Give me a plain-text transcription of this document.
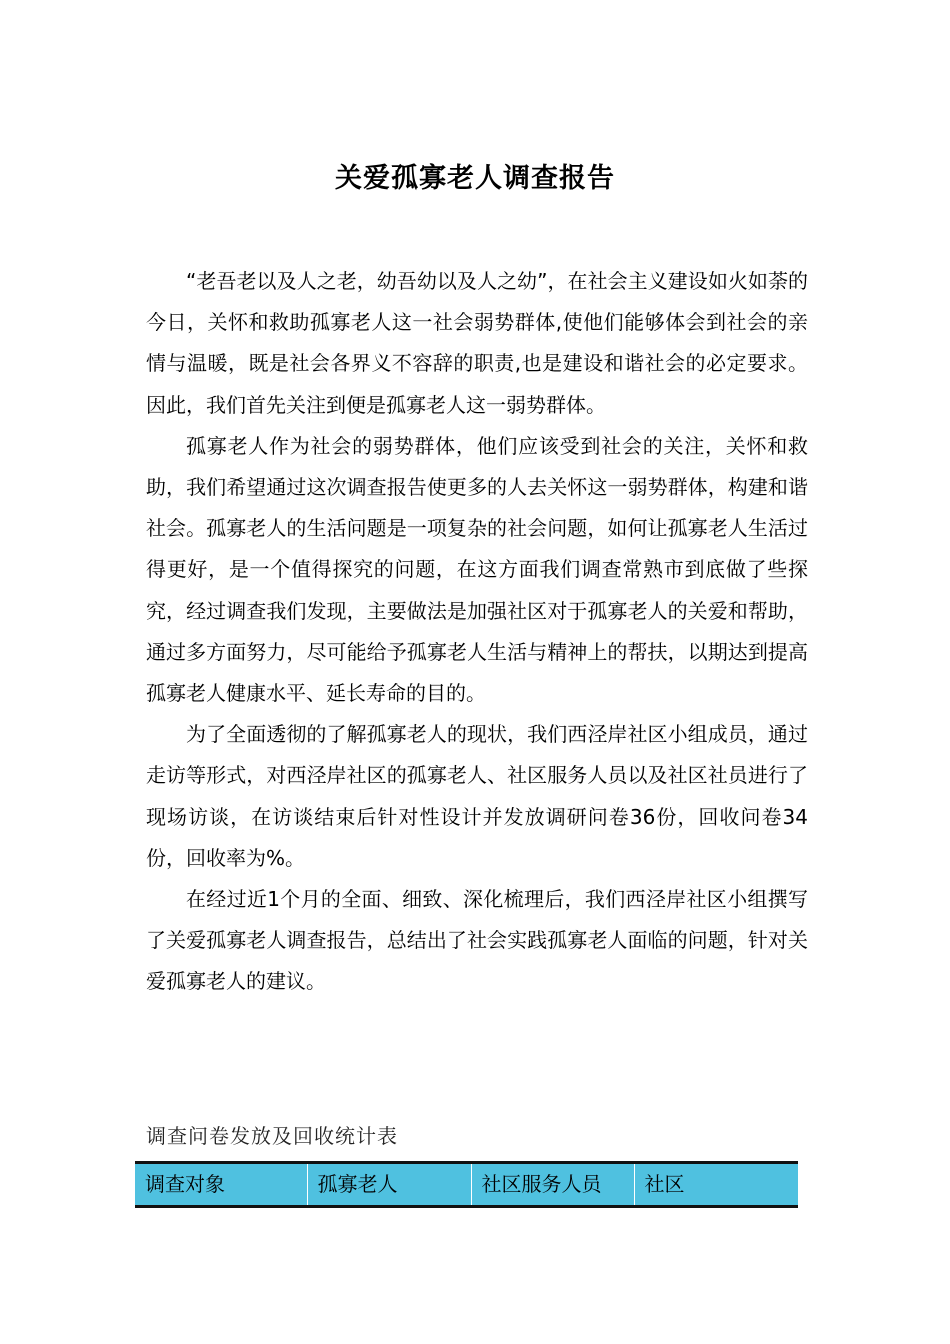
关爱孤寡老人调查报告

“老吾老以及人之老，幼吾幼以及人之幼”，在社会主义建设如火如荼的今日，关怀和救助孤寡老人这一社会弱势群体,使他们能够体会到社会的亲情与温暖，既是社会各界义不容辞的职责,也是建设和谐社会的必定要求。因此，我们首先关注到便是孤寡老人这一弱势群体。

孤寡老人作为社会的弱势群体，他们应该受到社会的关注，关怀和救助，我们希望通过这次调查报告使更多的人去关怀这一弱势群体，构建和谐社会。孤寡老人的生活问题是一项复杂的社会问题，如何让孤寡老人生活过得更好，是一个值得探究的问题，在这方面我们调查常熟市到底做了些探究，经过调查我们发现，主要做法是加强社区对于孤寡老人的关爱和帮助，通过多方面努力，尽可能给予孤寡老人生活与精神上的帮扶，以期达到提高孤寡老人健康水平、延长寿命的目的。

为了全面透彻的了解孤寡老人的现状，我们西泾岸社区小组成员，通过走访等形式，对西泾岸社区的孤寡老人、社区服务人员以及社区社员进行了现场访谈，在访谈结束后针对性设计并发放调研问卷36份，回收问卷34份，回收率为%。

在经过近1个月的全面、细致、深化梳理后，我们西泾岸社区小组撰写了关爱孤寡老人调查报告，总结出了社会实践孤寡老人面临的问题，针对关爱孤寡老人的建议。

调查问卷发放及回收统计表
调查对象	孤寡老人	社区服务人员	社区
